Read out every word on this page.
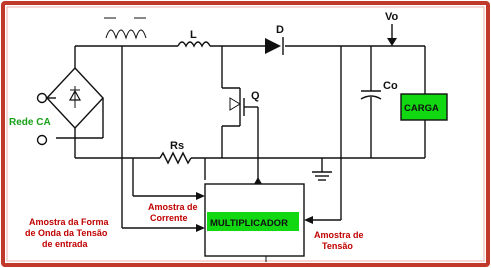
Vo
L	D
Q
Co
CARGA
Rs
Rede CA
MULTIPLICADOR
Amostra de
Corrente
Amostra da Forma
de Onda da Tensão
de entrada
Amostra de
Tensão
